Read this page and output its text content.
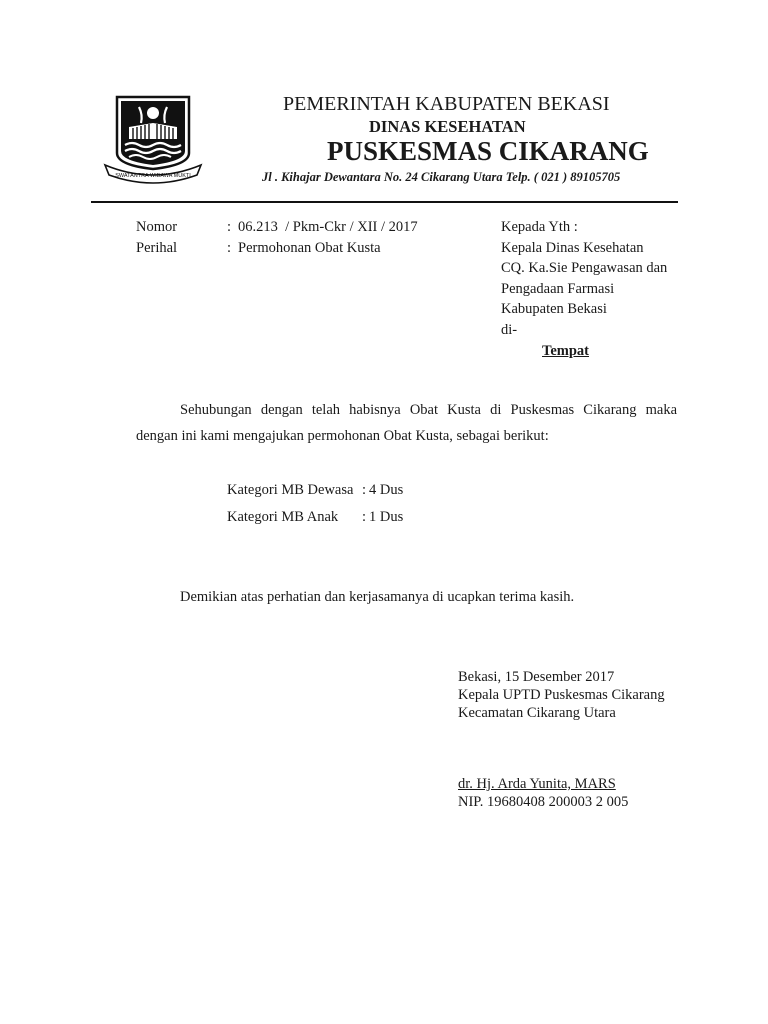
SWATANTRA WIBAWA MUKTI
PEMERINTAH KABUPATEN BEKASI
DINAS KESEHATAN
PUSKESMAS CIKARANG
Jl . Kihajar Dewantara No. 24 Cikarang Utara Telp. ( 021 ) 89105705
Nomor	: 06.213  / Pkm-Ckr / XII / 2017
Perihal	: Permohonan Obat Kusta
Kepada Yth :
Kepala Dinas Kesehatan
CQ. Ka.Sie Pengawasan dan
Pengadaan Farmasi
Kabupaten Bekasi
di-
Tempat
Sehubungan dengan telah habisnya Obat Kusta di Puskesmas Cikarang maka
dengan ini kami mengajukan permohonan Obat Kusta, sebagai berikut:
Kategori MB Dewasa : 4 Dus
Kategori MB Anak : 1 Dus
Demikian atas perhatian dan kerjasamanya di ucapkan terima kasih.
Bekasi, 15 Desember 2017
Kepala UPTD Puskesmas Cikarang
Kecamatan Cikarang Utara
dr. Hj. Arda Yunita, MARS
NIP. 19680408 200003 2 005
